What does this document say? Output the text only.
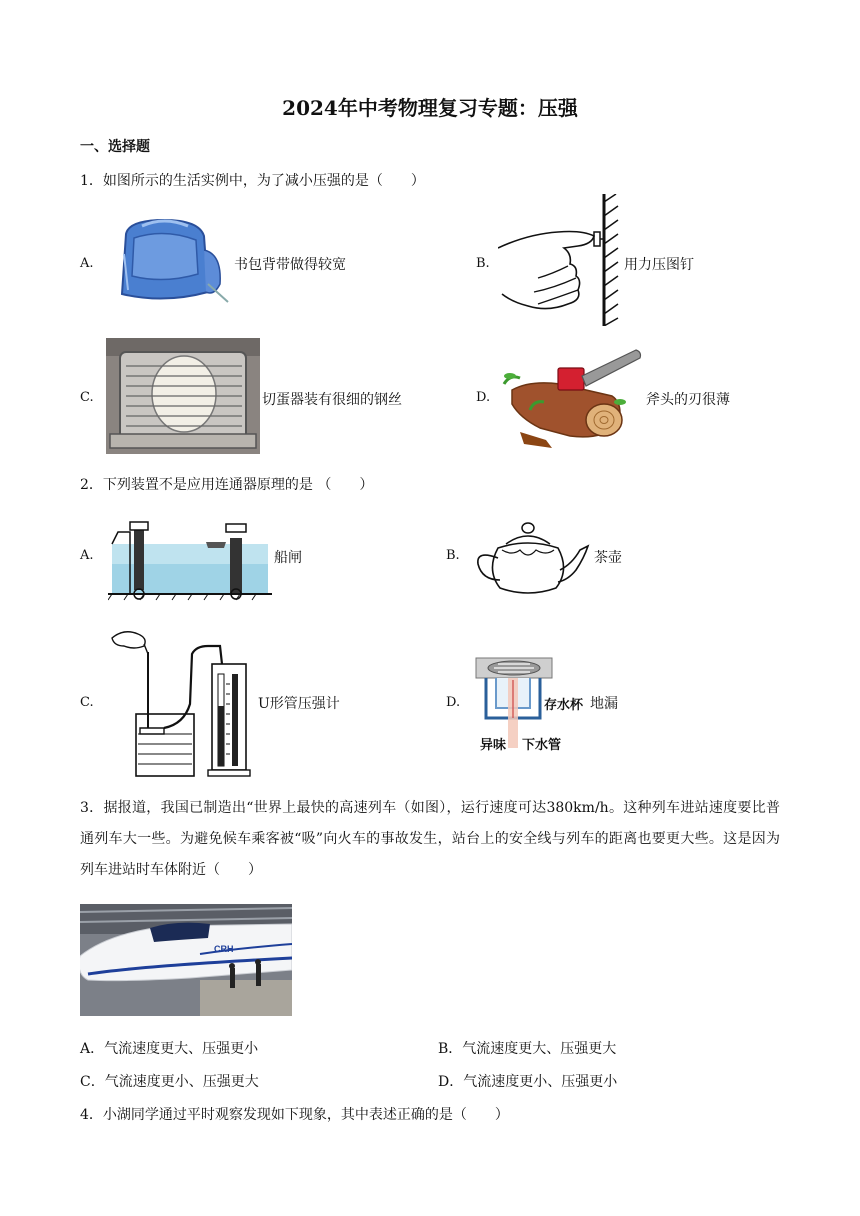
2024年中考物理复习专题：压强
一、选择题
1．如图所示的生活实例中，为了减小压强的是（　　）
A.	书包背带做得较宽	B.	用力压图钉
C.	切蛋器装有很细的钢丝	D.	斧头的刃很薄
2．下列装置不是应用连通器原理的是 （　　）
A.	船闸	B.	茶壶
C.	U形管压强计	D.	存水杯
异味 下水管
地漏
3．据报道，我国已制造出“世界上最快的高速列车（如图），运行速度可达380km/h。这种列车进站速度要比普通列车大一些。为避免候车乘客被“吸”向火车的事故发生，站台上的安全线与列车的距离也要更大些。这是因为列车进站时车体附近（　　）
CRH
A．气流速度更大、压强更小	B．气流速度更大、压强更大
C．气流速度更小、压强更大	D．气流速度更小、压强更小
4．小湖同学通过平时观察发现如下现象，其中表述正确的是（　　）
